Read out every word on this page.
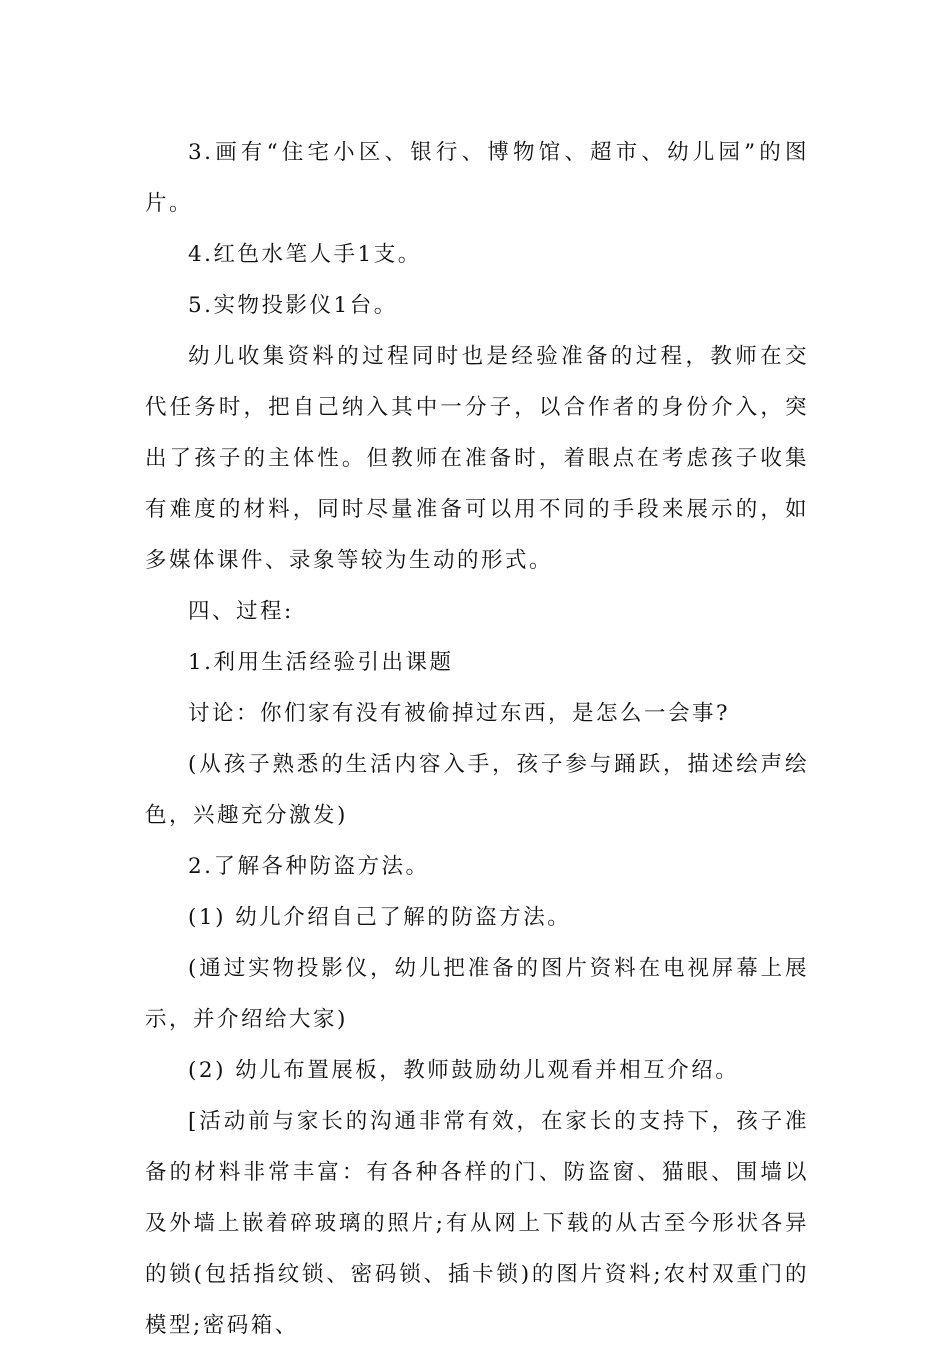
3.画有“住宅小区、银行、博物馆、超市、幼儿园”的图片。

4.红色水笔人手1支。

5.实物投影仪1台。

幼儿收集资料的过程同时也是经验准备的过程，教师在交代任务时，把自己纳入其中一分子，以合作者的身份介入，突出了孩子的主体性。但教师在准备时，着眼点在考虑孩子收集有难度的材料，同时尽量准备可以用不同的手段来展示的，如多媒体课件、录象等较为生动的形式。

四、过程:

1.利用生活经验引出课题

讨论：你们家有没有被偷掉过东西，是怎么一会事?

(从孩子熟悉的生活内容入手，孩子参与踊跃，描述绘声绘色，兴趣充分激发)

2.了解各种防盗方法。

(1) 幼儿介绍自己了解的防盗方法。

(通过实物投影仪，幼儿把准备的图片资料在电视屏幕上展示，并介绍给大家)

(2) 幼儿布置展板，教师鼓励幼儿观看并相互介绍。

[活动前与家长的沟通非常有效，在家长的支持下，孩子准备的材料非常丰富：有各种各样的门、防盗窗、猫眼、围墙以及外墙上嵌着碎玻璃的照片;有从网上下载的从古至今形状各异的锁(包括指纹锁、密码锁、插卡锁)的图片资料;农村双重门的模型;密码箱、
